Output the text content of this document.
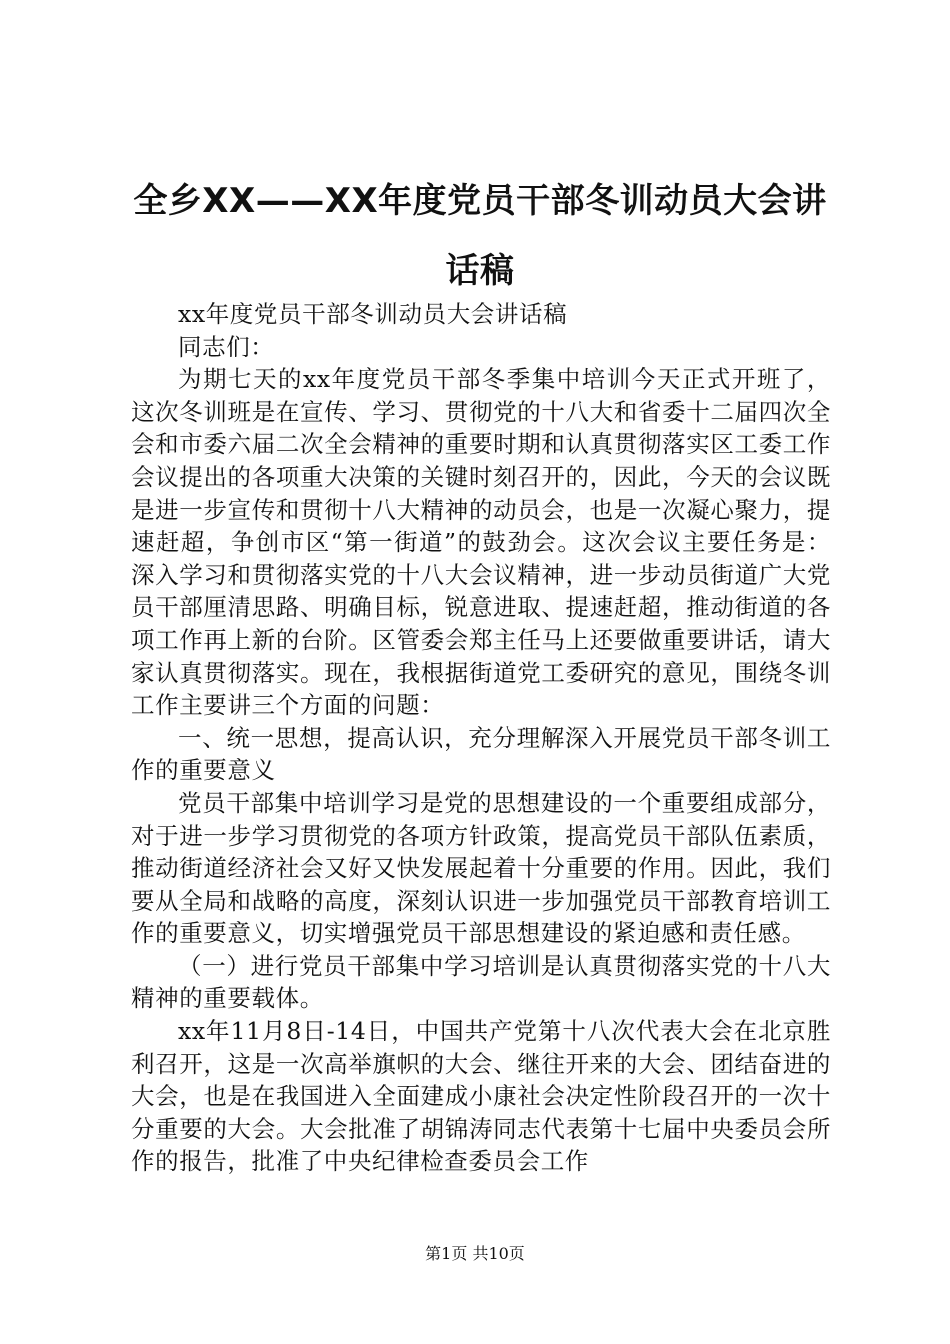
全乡XX——XX年度党员干部冬训动员大会讲话稿

xx年度党员干部冬训动员大会讲话稿

同志们：

为期七天的xx年度党员干部冬季集中培训今天正式开班了，这次冬训班是在宣传、学习、贯彻党的十八大和省委十二届四次全会和市委六届二次全会精神的重要时期和认真贯彻落实区工委工作会议提出的各项重大决策的关键时刻召开的，因此，今天的会议既是进一步宣传和贯彻十八大精神的动员会，也是一次凝心聚力，提速赶超，争创市区“第一街道”的鼓劲会。这次会议主要任务是：深入学习和贯彻落实党的十八大会议精神，进一步动员街道广大党员干部厘清思路、明确目标，锐意进取、提速赶超，推动街道的各项工作再上新的台阶。区管委会郑主任马上还要做重要讲话，请大家认真贯彻落实。现在，我根据街道党工委研究的意见，围绕冬训工作主要讲三个方面的问题：

一、统一思想，提高认识，充分理解深入开展党员干部冬训工作的重要意义

党员干部集中培训学习是党的思想建设的一个重要组成部分，对于进一步学习贯彻党的各项方针政策，提高党员干部队伍素质，推动街道经济社会又好又快发展起着十分重要的作用。因此，我们要从全局和战略的高度，深刻认识进一步加强党员干部教育培训工作的重要意义，切实增强党员干部思想建设的紧迫感和责任感。

（一）进行党员干部集中学习培训是认真贯彻落实党的十八大精神的重要载体。

xx年11月8日-14日，中国共产党第十八次代表大会在北京胜利召开，这是一次高举旗帜的大会、继往开来的大会、团结奋进的大会，也是在我国进入全面建成小康社会决定性阶段召开的一次十分重要的大会。大会批准了胡锦涛同志代表第十七届中央委员会所作的报告，批准了中央纪律检查委员会工作

第1页 共10页
